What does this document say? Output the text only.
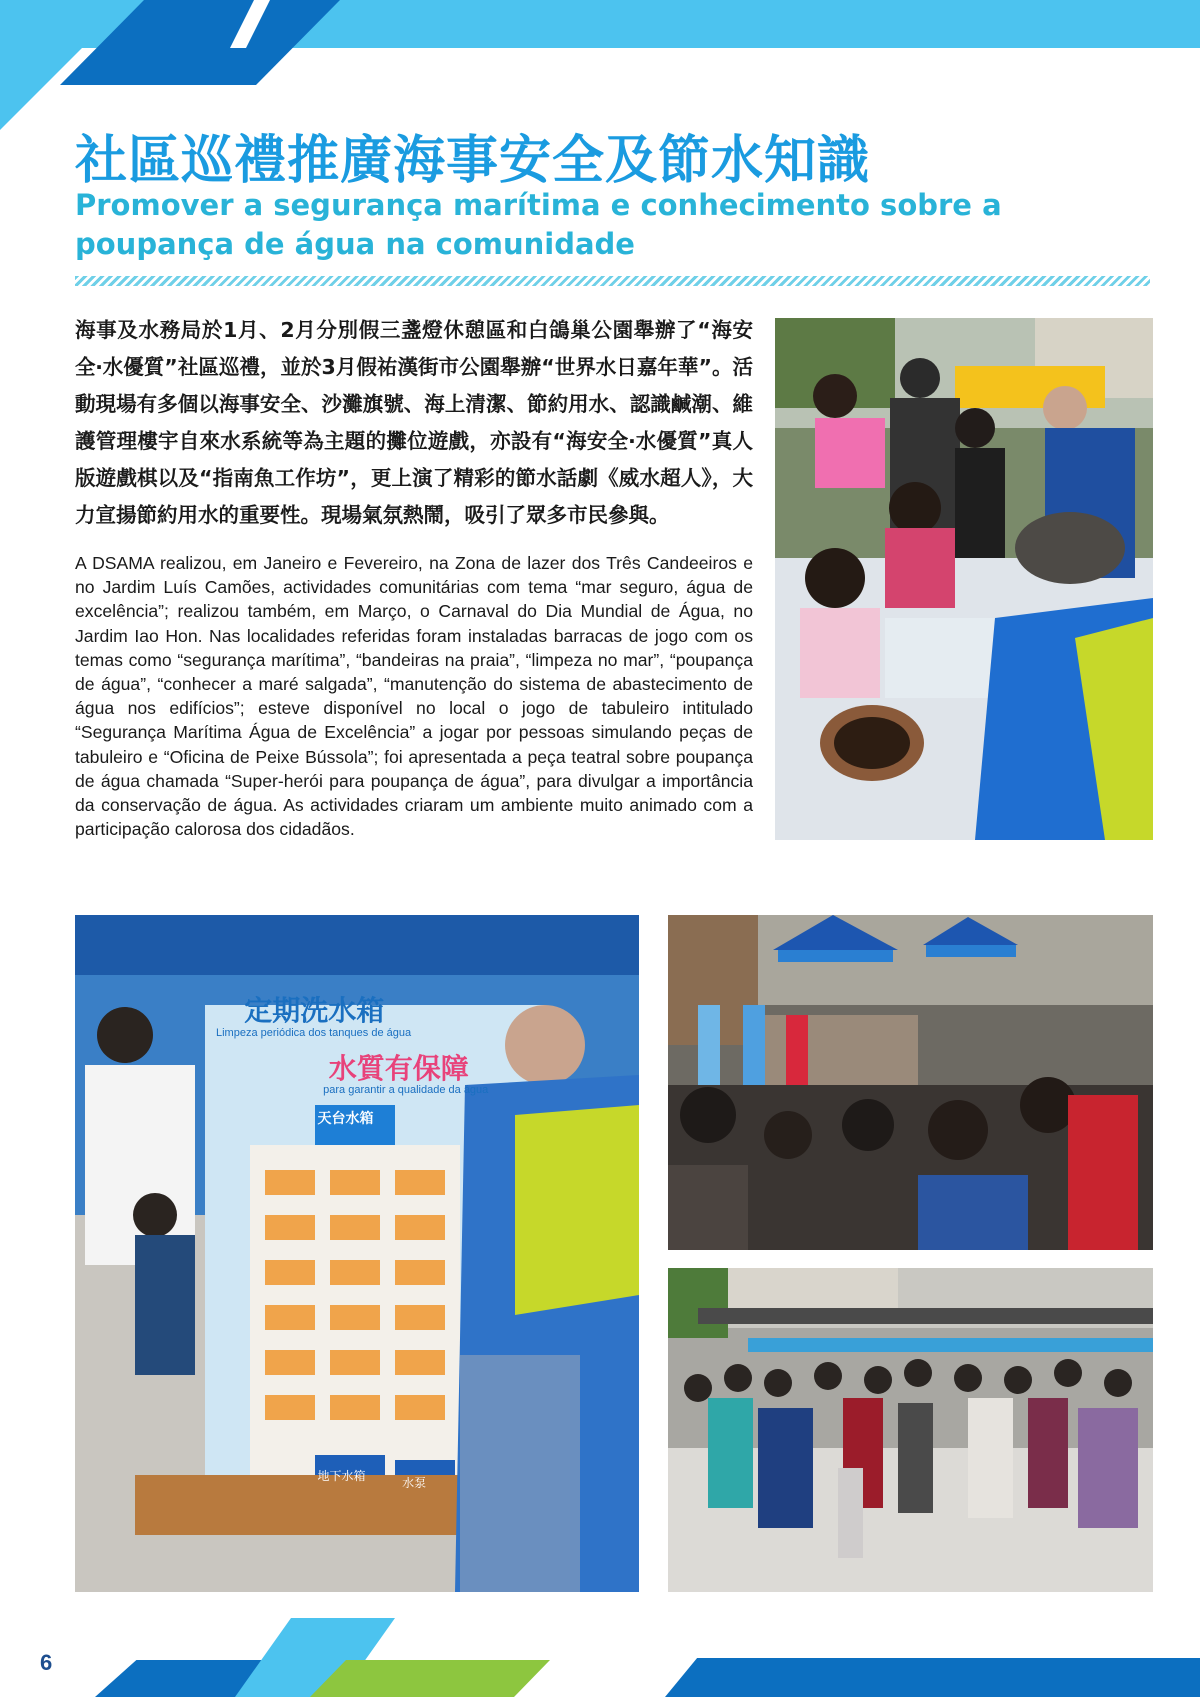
社區巡禮推廣海事安全及節水知識
Promover a segurança marítima e conhecimento sobre a poupança de água na comunidade

海事及水務局於1月、2月分別假三盞燈休憩區和白鴿巢公園舉辦了“海安全‧水優質”社區巡禮，並於3月假祐漢街市公園舉辦“世界水日嘉年華”。活動現場有多個以海事安全、沙灘旗號、海上清潔、節約用水、認識鹹潮、維護管理樓宇自來水系統等為主題的攤位遊戲，亦設有“海安全‧水優質”真人版遊戲棋以及“指南魚工作坊”，更上演了精彩的節水話劇《威水超人》，大力宣揚節約用水的重要性。現場氣氛熱鬧，吸引了眾多市民參與。

A DSAMA realizou, em Janeiro e Fevereiro, na Zona de lazer dos Três Candeeiros e no Jardim Luís Camões, actividades comunitárias com tema “mar seguro, água de excelência”; realizou também, em Março, o Carnaval do Dia Mundial de Água, no Jardim Iao Hon. Nas localidades referidas foram instaladas barracas de jogo com os temas como “segurança marítima”, “bandeiras na praia”, “limpeza no mar”, “poupança de água”, “conhecer a maré salgada”, “manutenção do sistema de abastecimento de água nos edifícios”; esteve disponível no local o jogo de tabuleiro intitulado “Segurança Marítima Água de Excelência” a jogar por pessoas simulando peças de tabuleiro e “Oficina de Peixe Bússola”; foi apresentada a peça teatral sobre poupança de água chamada “Super-herói para poupança de água”, para divulgar a importância da conservação de água. As actividades criaram um ambiente muito animado com a participação calorosa dos cidadãos.

定期洗水箱
Limpeza periódica dos tanques de água
水質有保障
para garantir a qualidade da água
天台水箱
地下水箱	水泵
6
